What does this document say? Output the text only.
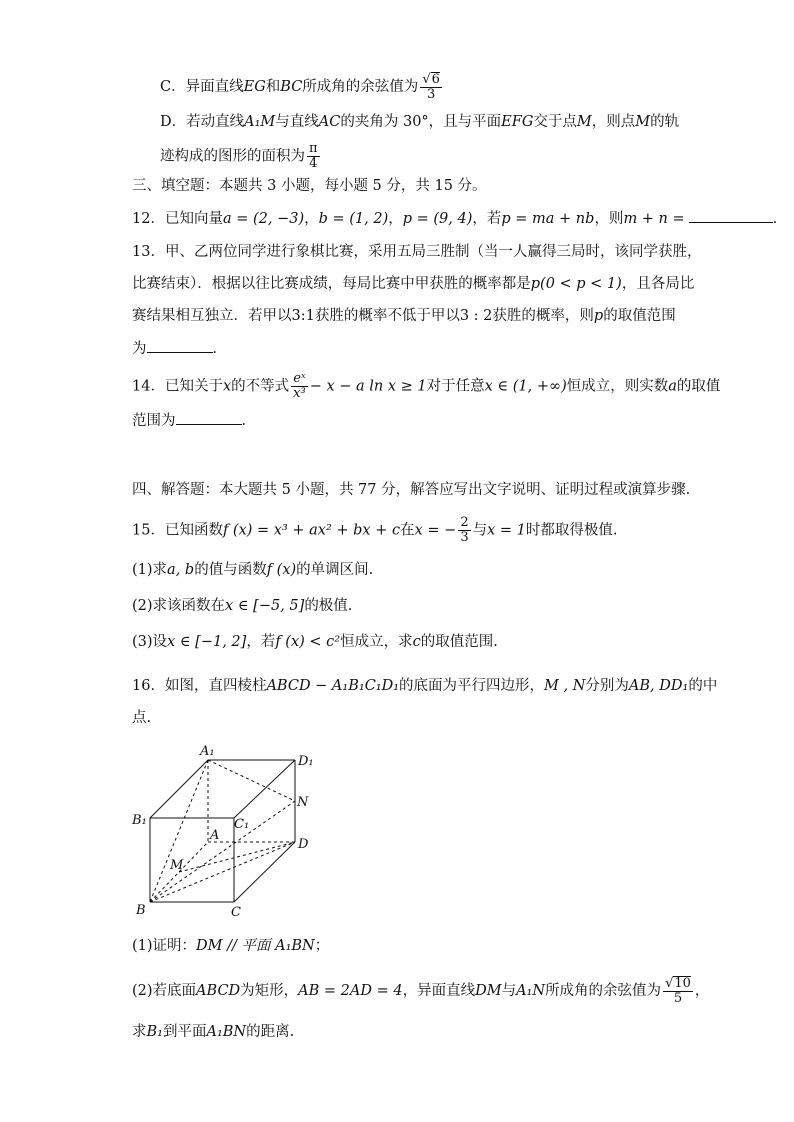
C．异面直线EG和BC所成角的余弦值为 $\frac{√6}{3}$
D．若动直线A₁M与直线AC的夹角为 30°，且与平面EFG交于点M，则点M的轨
迹构成的图形的面积为 $\frac{\pi}{4}$
三、填空题：本题共 3 小题，每小题 5 分，共 15 分。
12．已知向量a = (2, −3)，b = (1, 2)，p = (9, 4)，若p = ma + nb，则m + n =	.
13．甲、乙两位同学进行象棋比赛，采用五局三胜制（当一人赢得三局时，该同学获胜，
比赛结束）．根据以往比赛成绩，每局比赛中甲获胜的概率都是p(0 < p < 1)，且各局比
赛结果相互独立．若甲以3:1获胜的概率不低于甲以3 : 2获胜的概率，则p的取值范围
为	．
14．已知关于x的不等式 $\frac{\text{eˣ}}{\text{x³}} - x - a$ ln x ≥ 1对于任意x ∈ (1, +∞)恒成立，则实数a的取值
范围为	．
四、解答题：本大题共 5 小题，共 77 分，解答应写出文字说明、证明过程或演算步骤.
15．已知函数f (x) = x³ + ax² + bx + c在x = − $\frac{2}{3}$ 与x = 1时都取得极值.
(1)求a, b的值与函数f (x)的单调区间.
(2)求该函数在x ∈ [−5, 5]的极值.
(3)设x ∈ [−1, 2]，若f (x) < c²恒成立，求c的取值范围.
16．如图，直四棱柱ABCD − A₁B₁C₁D₁的底面为平行四边形，M , N分别为AB, DD₁的中
点.
A₁
D₁
B₁	C₁
A
D
B	C
M
N
(1)证明：DM // 平面 A₁BN；
(2)若底面ABCD为矩形，AB = 2AD = 4，异面直线DM与A₁N所成角的余弦值为 $\frac{√10}{5}$ ，
求B₁到平面A₁BN的距离.
